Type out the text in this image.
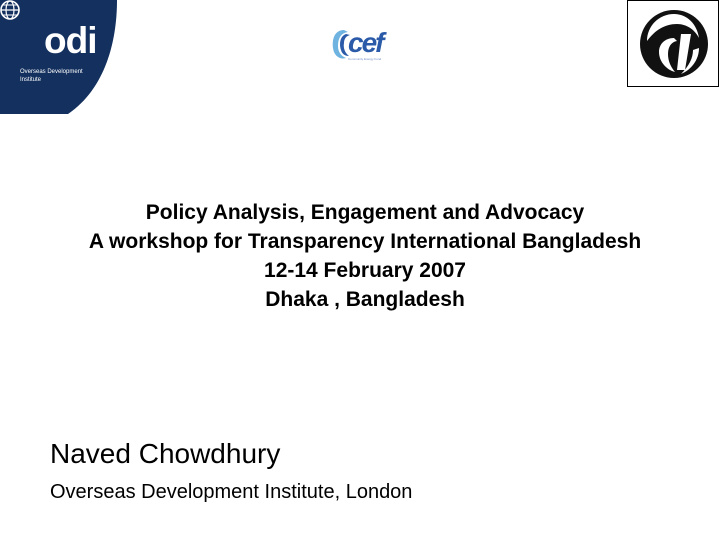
odi
Overseas Development Institute
cef
Community Energy Fund
Policy Analysis, Engagement and Advocacy
A workshop for Transparency International Bangladesh
12-14 February 2007
Dhaka , Bangladesh
Naved Chowdhury
Overseas Development Institute, London
